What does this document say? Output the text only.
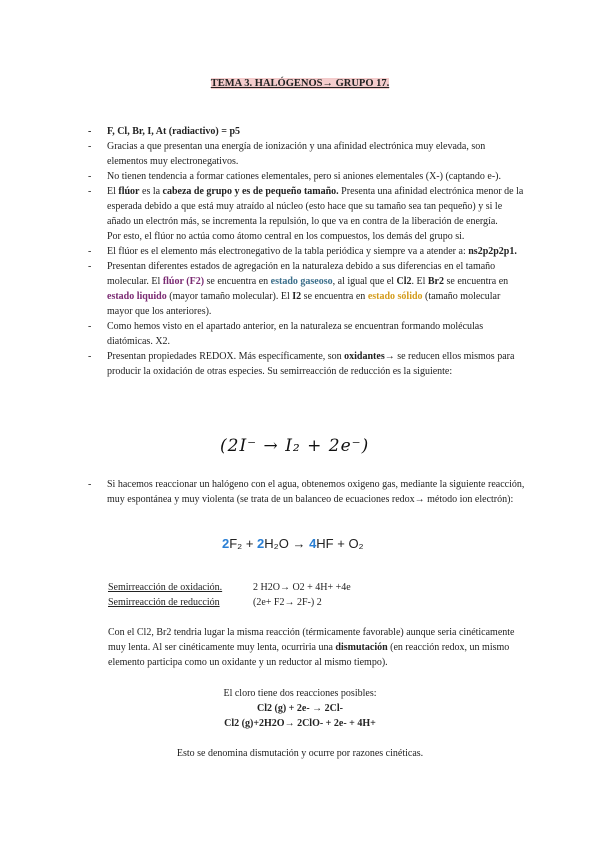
TEMA 3. HALÓGENOS→ GRUPO 17.
- F, Cl, Br, I, At (radiactivo) = p5
- Gracias a que presentan una energía de ionización y una afinidad electrónica muy elevada, son elementos muy electronegativos.
- No tienen tendencia a formar cationes elementales, pero si aniones elementales (X-) (captando e-).
- El flúor es la cabeza de grupo y es de pequeño tamaño. Presenta una afinidad electrónica menor de la esperada debido a que está muy atraído al núcleo (esto hace que su tamaño sea tan pequeño) y si le añado un electrón más, se incrementa la repulsión, lo que va en contra de la liberación de energía.
Por esto, el flúor no actúa como átomo central en los compuestos, los demás del grupo si.
- El flúor es el elemento más electronegativo de la tabla periódica y siempre va a atender a: ns2p2p2p1.
- Presentan diferentes estados de agregación en la naturaleza debido a sus diferencias en el tamaño molecular. El flúor (F2) se encuentra en estado gaseoso, al igual que el Cl2. El Br2 se encuentra en estado liquido (mayor tamaño molecular). El I2 se encuentra en estado sólido (tamaño molecular mayor que los anteriores).
- Como hemos visto en el apartado anterior, en la naturaleza se encuentran formando moléculas diatómicas. X2.
- Presentan propiedades REDOX. Más específicamente, son oxidantes→ se reducen ellos mismos para producir la oxidación de otras especies. Su semirreacción de reducción es la siguiente:
(2I⁻ → I₂ + 2e⁻)
- Si hacemos reaccionar un halógeno con el agua, obtenemos oxigeno gas, mediante la siguiente reacción, muy espontánea y muy violenta (se trata de un balanceo de ecuaciones redox→ método ion electrón):
2F₂ + 2H₂O → 4HF + O₂
Semirreacción de oxidación.	2 H2O→ O2 + 4H+ +4e
Semirreacción de reducción	(2e+ F2→ 2F-) 2
Con el Cl2, Br2 tendria lugar la misma reacción (térmicamente favorable) aunque seria cinéticamente muy lenta. Al ser cinéticamente muy lenta, ocurriria una dismutación (en reacción redox, un mismo elemento participa como un oxidante y un reductor al mismo tiempo).
El cloro tiene dos reacciones posibles:
Cl2 (g) + 2e- → 2Cl-
Cl2 (g)+2H2O→ 2ClO- + 2e- + 4H+
Esto se denomina dismutación y ocurre por razones cinéticas.
